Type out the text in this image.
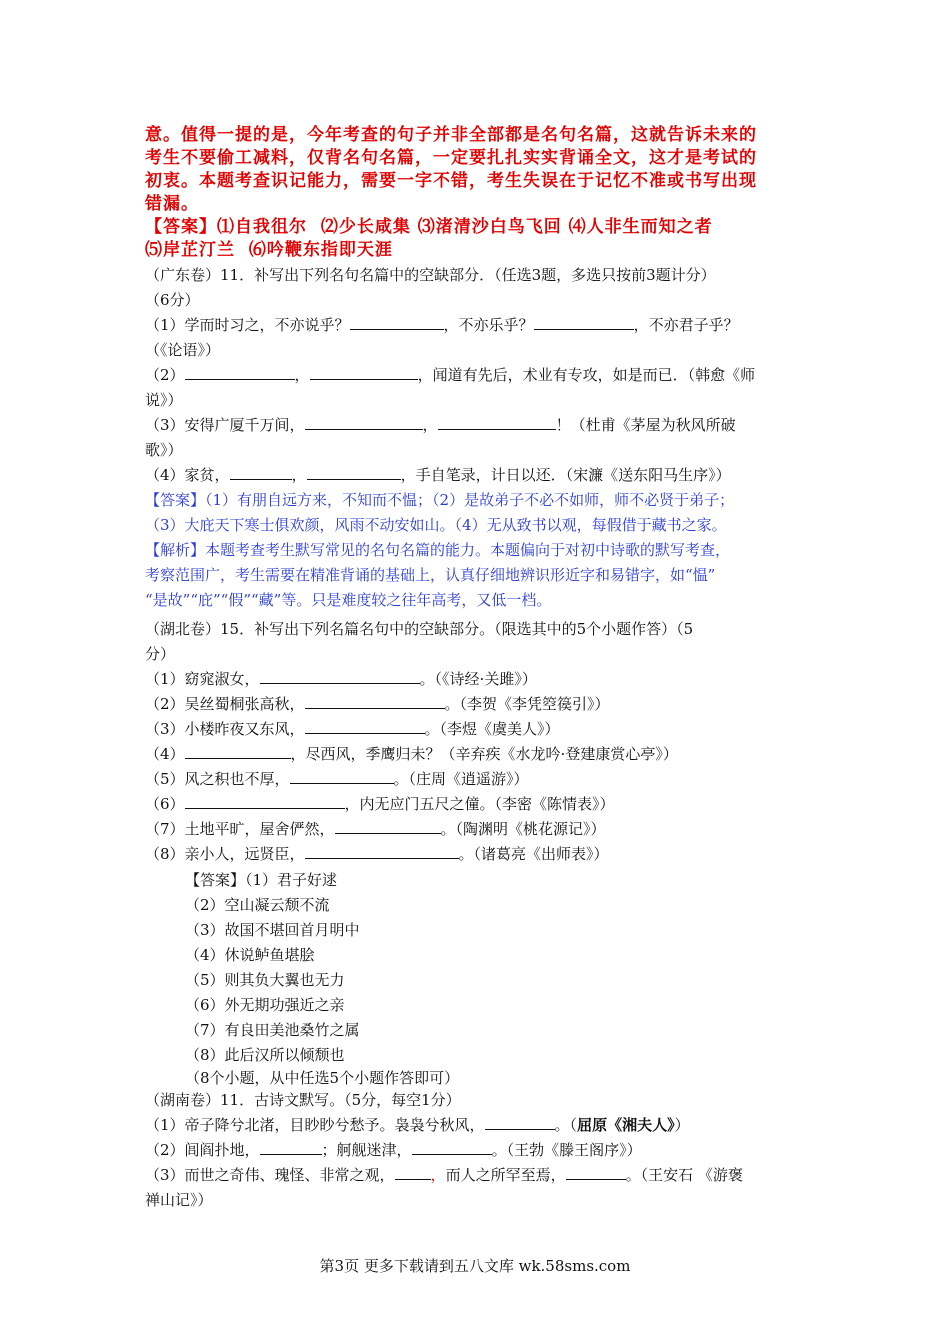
意。值得一提的是，今年考查的句子并非全部都是名句名篇，这就告诉未来的
考生不要偷工减料，仅背名句名篇，一定要扎扎实实背诵全文，这才是考试的
初衷。本题考查识记能力，需要一字不错，考生失误在于记忆不准或书写出现
错漏。
【答案】⑴自我徂尔  ⑵少长咸集 ⑶渚清沙白鸟飞回 ⑷人非生而知之者
⑸岸芷汀兰  ⑹吟鞭东指即天涯

（广东卷）11．补写出下列名句名篇中的空缺部分．（任选3题，多选只按前3题计分）

（6分）

（1）学而时习之，不亦说乎？	，不亦乐乎？	，不亦君子乎？

（《论语》）

（2）	，	，闻道有先后，术业有专攻，如是而已．（韩愈《师

说》）

（3）安得广厦千万间，	，	！（杜甫《茅屋为秋风所破

歌》）

（4）家贫，	，	，手自笔录，计日以还．（宋濂《送东阳马生序》）

【答案】（1）有朋自远方来，不知而不愠；（2）是故弟子不必不如师，师不必贤于弟子；

（3）大庇天下寒士俱欢颜，风雨不动安如山。（4）无从致书以观，每假借于藏书之家。

【解析】本题考查考生默写常见的名句名篇的能力。本题偏向于对初中诗歌的默写考查，

考察范围广，考生需要在精准背诵的基础上，认真仔细地辨识形近字和易错字，如“愠”

“是故”“庇”“假”“藏”等。只是难度较之往年高考，又低一档。

（湖北卷）15．补写出下列名篇名句中的空缺部分。（限选其中的5个小题作答）（5

分）

（1）窈窕淑女，	。（《诗经·关雎》）

（2）吴丝蜀桐张高秋，	。（李贺《李凭箜篌引》）

（3）小楼昨夜又东风，	。（李煜《虞美人》）

（4）	，尽西风，季鹰归未？（辛弃疾《水龙吟·登建康赏心亭》）

（5）风之积也不厚，	。（庄周《逍遥游》）

（6）	，内无应门五尺之僮。（李密《陈情表》）

（7）土地平旷，屋舍俨然，	。（陶渊明《桃花源记》）

（8）亲小人，远贤臣，	。（诸葛亮《出师表》）

【答案】（1）君子好逑

（2）空山凝云颓不流

（3）故国不堪回首月明中

（4）休说鲈鱼堪脍

（5）则其负大翼也无力

（6）外无期功强近之亲

（7）有良田美池桑竹之属

（8）此后汉所以倾颓也

（8个小题，从中任选5个小题作答即可）

（湖南卷）11．古诗文默写。（5分，每空1分）

（1）帝子降兮北渚，目眇眇兮愁予。袅袅兮秋风，	。（屈原《湘夫人》）

（2）闾阎扑地，	；舸舰迷津，	。（王勃《滕王阁序》）

（3）而世之奇伟、瑰怪、非常之观， ，而人之所罕至焉，	。（王安石 《游褒

禅山记》）

第3页 更多下载请到五八文库 wk.58sms.com
